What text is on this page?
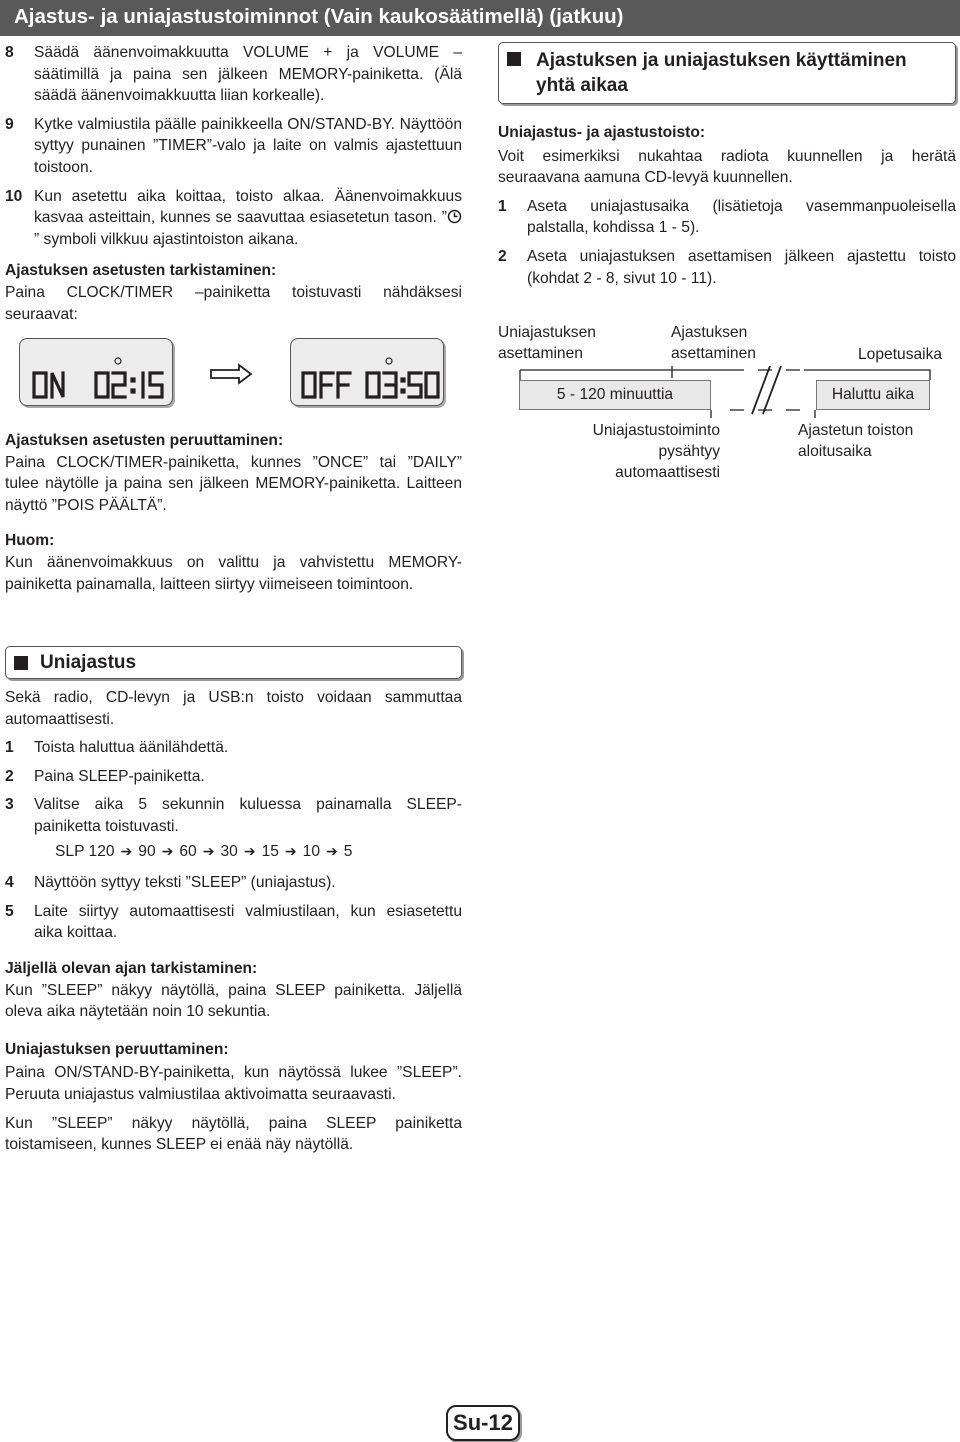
Ajastus- ja uniajastustoiminnot (Vain kaukosäätimellä) (jatkuu)
8 Säädä äänenvoimakkuutta VOLUME + ja VOLUME – säätimillä ja paina sen jälkeen MEMORY-painiketta. (Älä säädä äänenvoimakkuutta liian korkealle).
9 Kytke valmiustila päälle painikkeella ON/STAND-BY. Näyttöön syttyy punainen ”TIMER”-valo ja laite on valmis ajastettuun toistoon.
10 Kun asetettu aika koittaa, toisto alkaa. Äänenvoimakkuus kasvaa asteittain, kunnes se saavuttaa esiasetetun tason. ”” symboli vilkkuu ajastintoiston aikana.
Ajastuksen asetusten tarkistaminen:
Paina CLOCK/TIMER –painiketta toistuvasti nähdäksesi seuraavat:
Ajastuksen asetusten peruuttaminen:
Paina CLOCK/TIMER-painiketta, kunnes ”ONCE” tai ”DAILY” tulee näytölle ja paina sen jälkeen MEMORY-painiketta. Laitteen näyttö ”POIS PÄÄLTÄ”.
Huom:
Kun äänenvoimakkuus on valittu ja vahvistettu MEMORY-painiketta painamalla, laitteen siirtyy viimeiseen toimintoon.
Uniajastus
Sekä radio, CD-levyn ja USB:n toisto voidaan sammuttaa automaattisesti.
1 Toista haluttua äänilähdettä.
2 Paina SLEEP-painiketta.
3 Valitse aika 5 sekunnin kuluessa painamalla SLEEP-painiketta toistuvasti.
SLP 120 ➔ 90 ➔ 60 ➔ 30 ➔ 15 ➔ 10 ➔ 5
4 Näyttöön syttyy teksti ”SLEEP” (uniajastus).
5 Laite siirtyy automaattisesti valmiustilaan, kun esiasetettu aika koittaa.
Jäljellä olevan ajan tarkistaminen:
Kun ”SLEEP” näkyy näytöllä, paina SLEEP painiketta. Jäljellä oleva aika näytetään noin 10 sekuntia.
Uniajastuksen peruuttaminen:
Paina ON/STAND-BY-painiketta, kun näytössä lukee ”SLEEP”. Peruuta uniajastus valmiustilaa aktivoimatta seuraavasti.
Kun ”SLEEP” näkyy näytöllä, paina SLEEP painiketta toistamiseen, kunnes SLEEP ei enää näy näytöllä.
Ajastuksen ja uniajastuksen käyttäminen yhtä aikaa
Uniajastus- ja ajastustoisto:
Voit esimerkiksi nukahtaa radiota kuunnellen ja herätä seuraavana aamuna CD-levyä kuunnellen.
1 Aseta uniajastusaika (lisätietoja vasemmanpuoleisella palstalla, kohdissa 1 - 5).
2 Aseta uniajastuksen asettamisen jälkeen ajastettu toisto (kohdat 2 - 8, sivut 10 - 11).
Uniajastuksen asettaminen
Ajastuksen asettaminen	Lopetusaika
5 - 120 minuuttia	Haluttu aika
Uniajastustoiminto pysähtyy automaattisesti
Ajastetun toiston aloitusaika
Su-12
